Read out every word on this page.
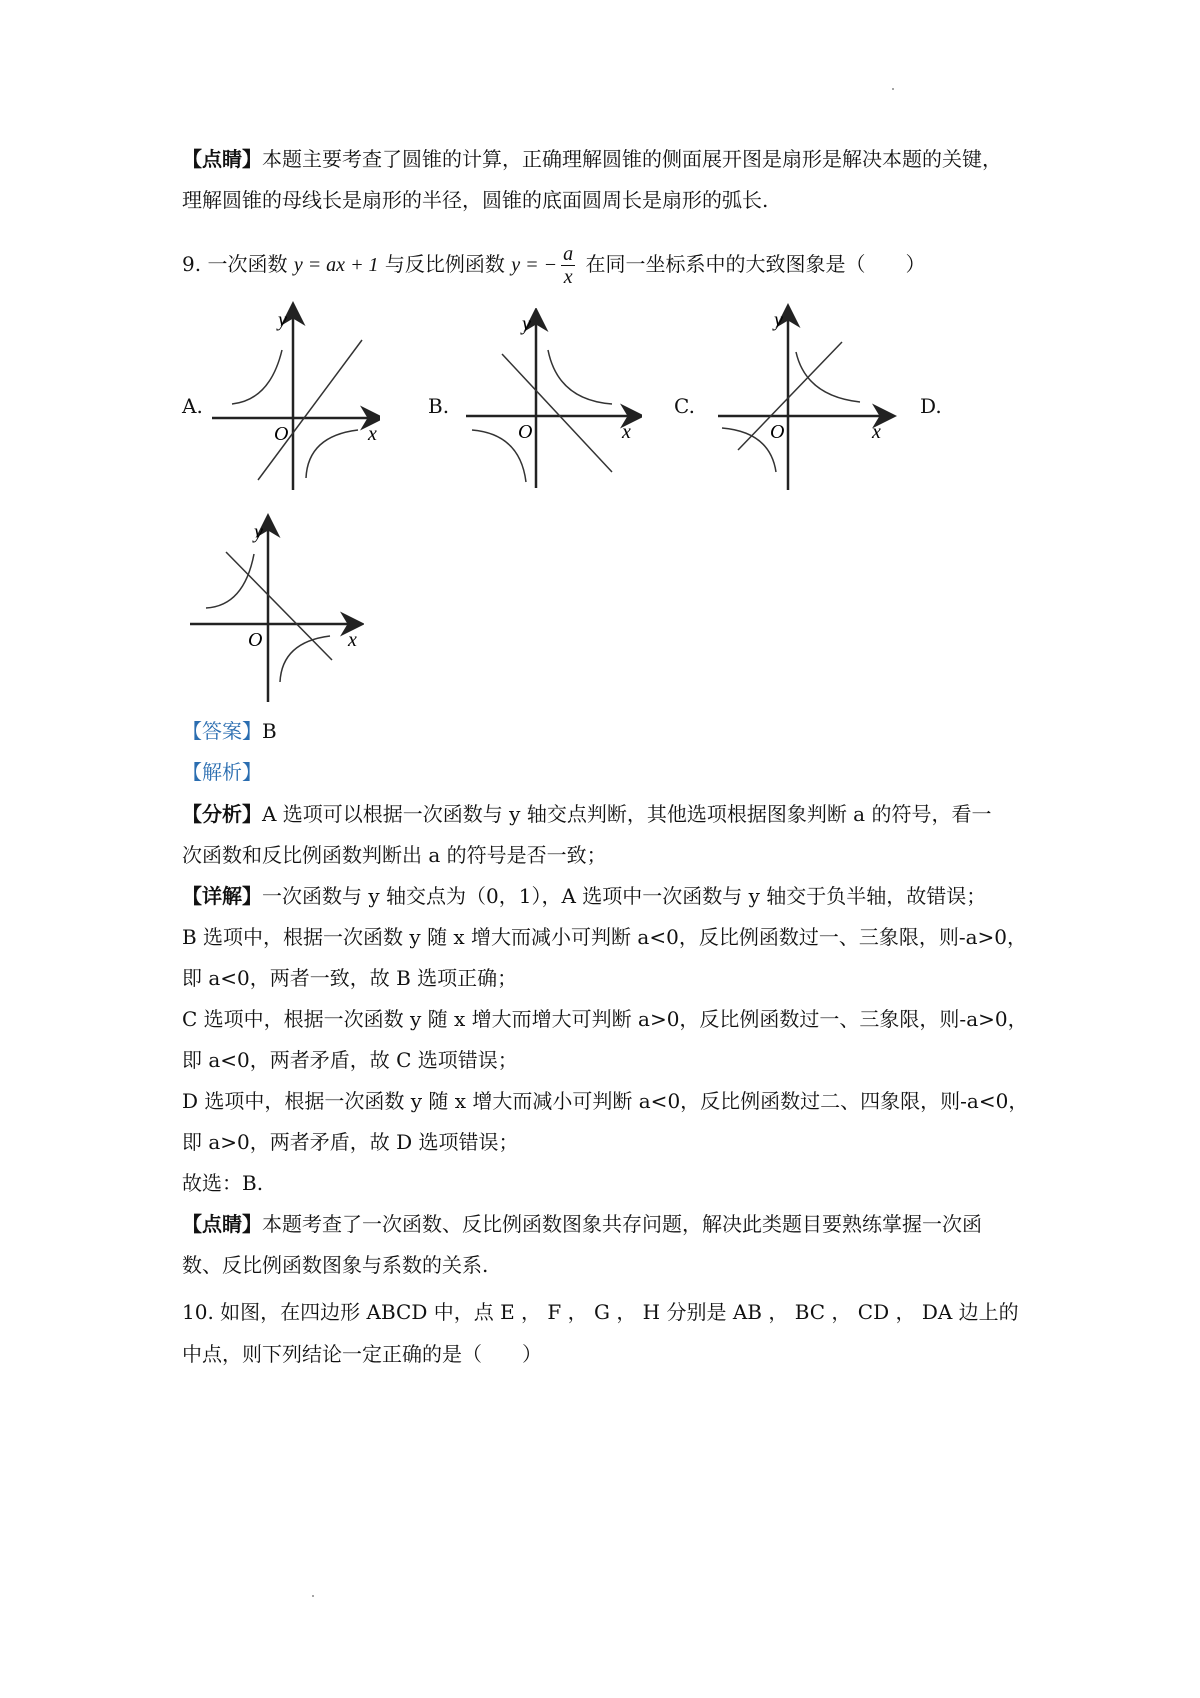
【点睛】本题主要考查了圆锥的计算，正确理解圆锥的侧面展开图是扇形是解决本题的关键，
理解圆锥的母线长是扇形的半径，圆锥的底面圆周长是扇形的弧长.
9. 一次函数 y = ax + 1 与反比例函数 y = − $\frac{a}{x}$ 在同一坐标系中的大致图象是（　　）
A.	B.	C.	D.
y
x
O
y
x
O
y
x
O
y
x
O
【答案】B
【解析】
【分析】A 选项可以根据一次函数与 y 轴交点判断，其他选项根据图象判断 a 的符号，看一
次函数和反比例函数判断出 a 的符号是否一致；
【详解】一次函数与 y 轴交点为（0，1），A 选项中一次函数与 y 轴交于负半轴，故错误；
B 选项中，根据一次函数 y 随 x 增大而减小可判断 a<0，反比例函数过一、三象限，则-a>0，
即 a<0，两者一致，故 B 选项正确；
C 选项中，根据一次函数 y 随 x 增大而增大可判断 a>0，反比例函数过一、三象限，则-a>0，
即 a<0，两者矛盾，故 C 选项错误；
D 选项中，根据一次函数 y 随 x 增大而减小可判断 a<0，反比例函数过二、四象限，则-a<0，
即 a>0，两者矛盾，故 D 选项错误；
故选：B.
【点睛】本题考查了一次函数、反比例函数图象共存问题，解决此类题目要熟练掌握一次函
数、反比例函数图象与系数的关系.
10. 如图，在四边形 ABCD 中，点 E ， F ， G ， H 分别是 AB ， BC ， CD ， DA 边上的
中点，则下列结论一定正确的是（　　）
